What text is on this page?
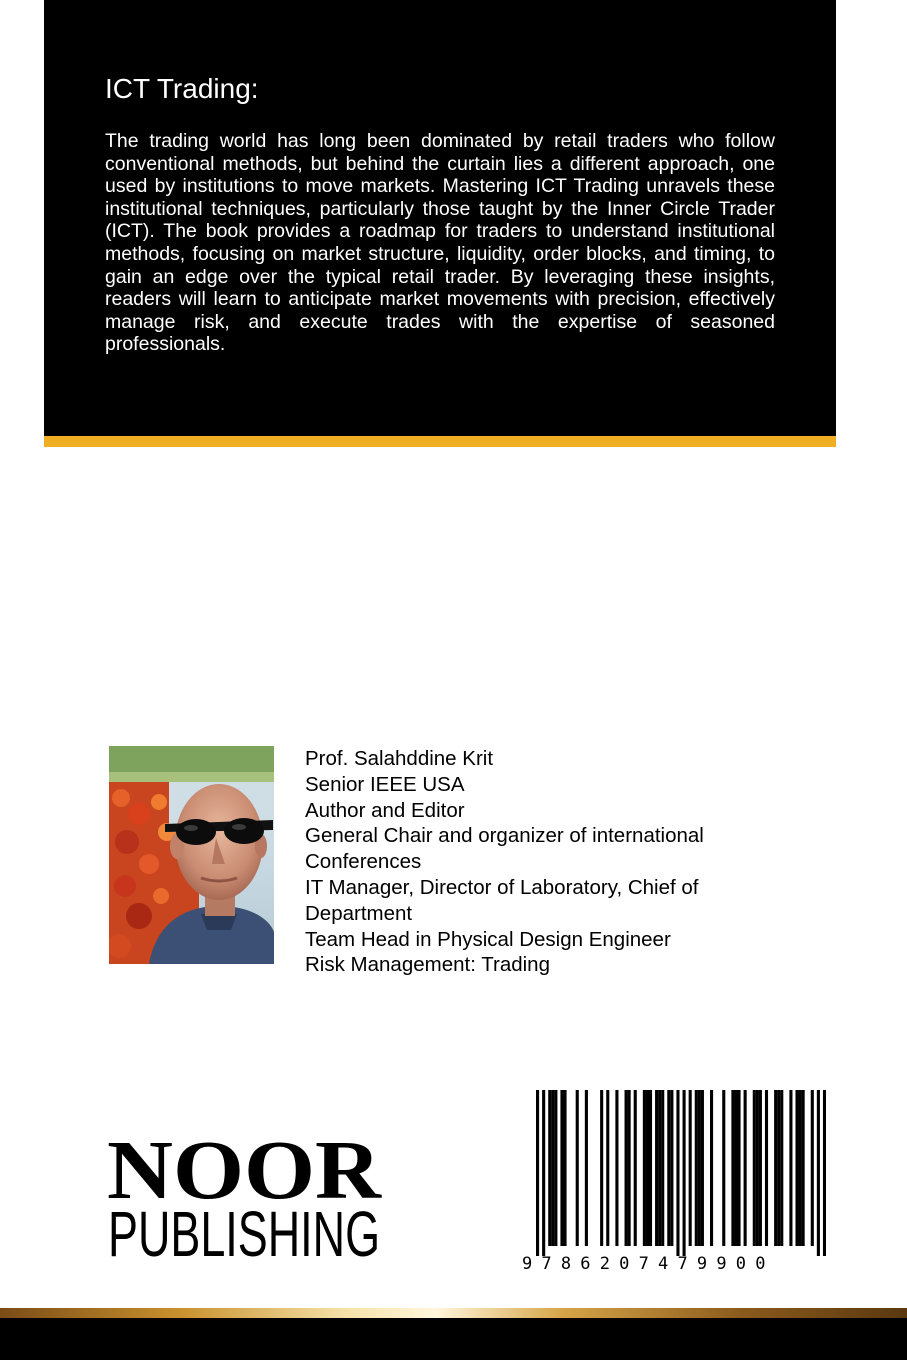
ICT Trading:

The trading world has long been dominated by retail traders who follow conventional methods, but behind the curtain lies a different approach, one used by institutions to move markets. Mastering ICT Trading unravels these institutional techniques, particularly those taught by the Inner Circle Trader (ICT). The book provides a roadmap for traders to understand institutional methods, focusing on market structure, liquidity, order blocks, and timing, to gain an edge over the typical retail trader. By leveraging these insights, readers will learn to anticipate market movements with precision, effectively manage risk, and execute trades with the expertise of seasoned professionals.

Prof. Salahddine Krit
Senior IEEE USA
Author and Editor
General Chair and organizer of international
Conferences
IT Manager, Director of Laboratory, Chief of
Department
Team Head in Physical Design Engineer
Risk Management: Trading
NOOR
PUBLISHING	9786207479900
